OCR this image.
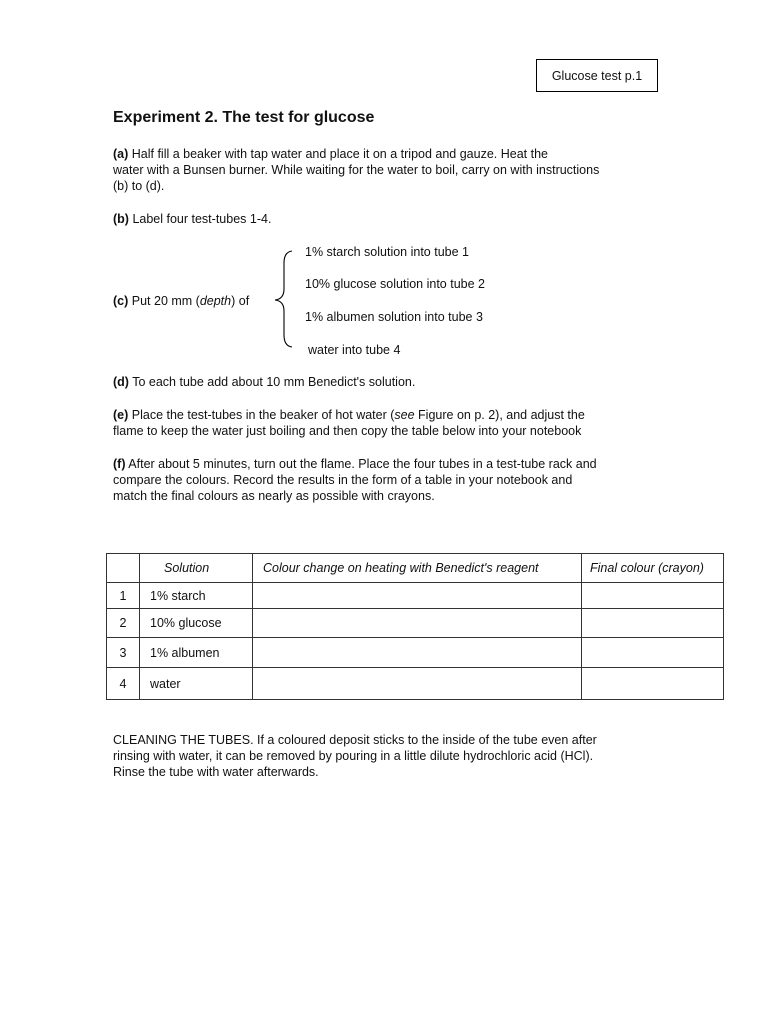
Glucose test p.1
Experiment 2. The test for glucose
(a) Half fill a beaker with tap water and place it on a tripod and gauze. Heat the
water with a Bunsen burner. While waiting for the water to boil, carry on with instructions
(b) to (d).
(b) Label four test-tubes 1-4.
(c) Put 20 mm (depth) of
1% starch solution into tube 1
10% glucose solution into tube 2
1% albumen solution into tube 3
water into tube 4
(d) To each tube add about 10 mm Benedict's solution.
(e) Place the test-tubes in the beaker of hot water (see Figure on p. 2), and adjust the
flame to keep the water just boiling and then copy the table below into your notebook
(f) After about 5 minutes, turn out the flame. Place the four tubes in a test-tube rack and
compare the colours. Record the results in the form of a table in your notebook and
match the final colours as nearly as possible with crayons.
	Solution	Colour change on heating with Benedict's reagent	Final colour (crayon)
1	1% starch		
2	10% glucose		
3	1% albumen		
4	water		
CLEANING THE TUBES. If a coloured deposit sticks to the inside of the tube even after
rinsing with water, it can be removed by pouring in a little dilute hydrochloric acid (HCl).
Rinse the tube with water afterwards.
